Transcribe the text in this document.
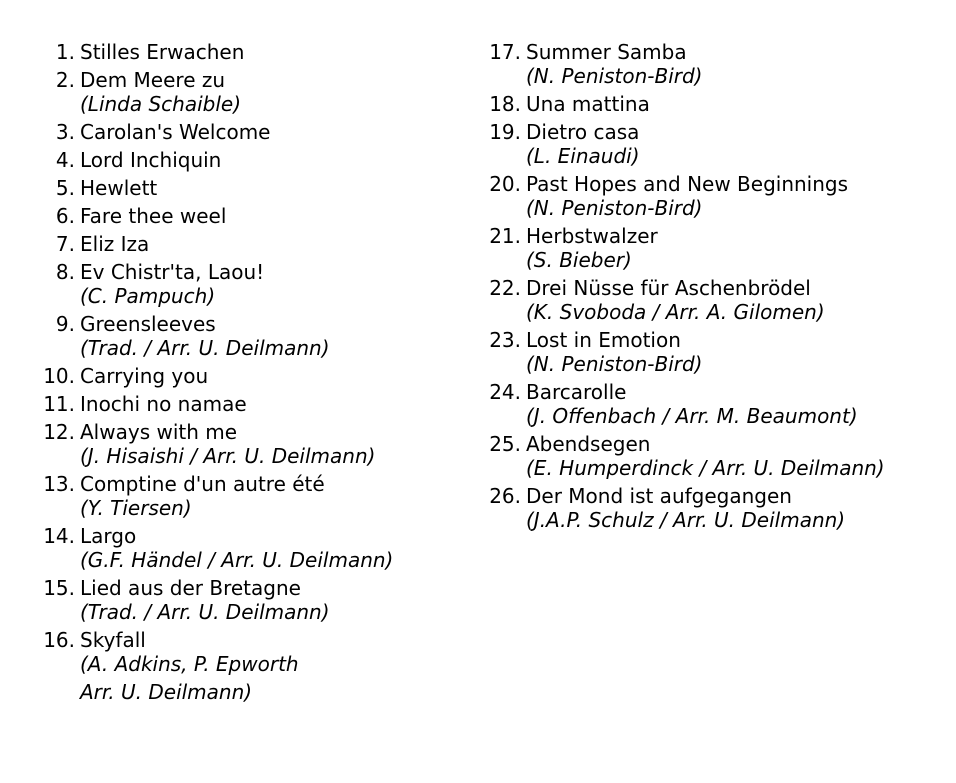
1. Stilles Erwachen
2. Dem Meere zu
(Linda Schaible)
3. Carolan's Welcome
4. Lord Inchiquin
5. Hewlett
6. Fare thee weel
7. Eliz Iza
8. Ev Chistr'ta, Laou!
(C. Pampuch)
9. Greensleeves
(Trad. / Arr. U. Deilmann)
10. Carrying you
11. Inochi no namae
12. Always with me
(J. Hisaishi / Arr. U. Deilmann)
13. Comptine d'un autre été
(Y. Tiersen)
14. Largo
(G.F. Händel / Arr. U. Deilmann)
15. Lied aus der Bretagne
(Trad. / Arr. U. Deilmann)
16. Skyfall
(A. Adkins, P. Epworth
Arr. U. Deilmann)
17. Summer Samba
(N. Peniston-Bird)
18. Una mattina
19. Dietro casa
(L. Einaudi)
20. Past Hopes and New Beginnings
(N. Peniston-Bird)
21. Herbstwalzer
(S. Bieber)
22. Drei Nüsse für Aschenbrödel
(K. Svoboda / Arr. A. Gilomen)
23. Lost in Emotion
(N. Peniston-Bird)
24. Barcarolle
(J. Offenbach / Arr. M. Beaumont)
25. Abendsegen
(E. Humperdinck / Arr. U. Deilmann)
26. Der Mond ist aufgegangen
(J.A.P. Schulz / Arr. U. Deilmann)
